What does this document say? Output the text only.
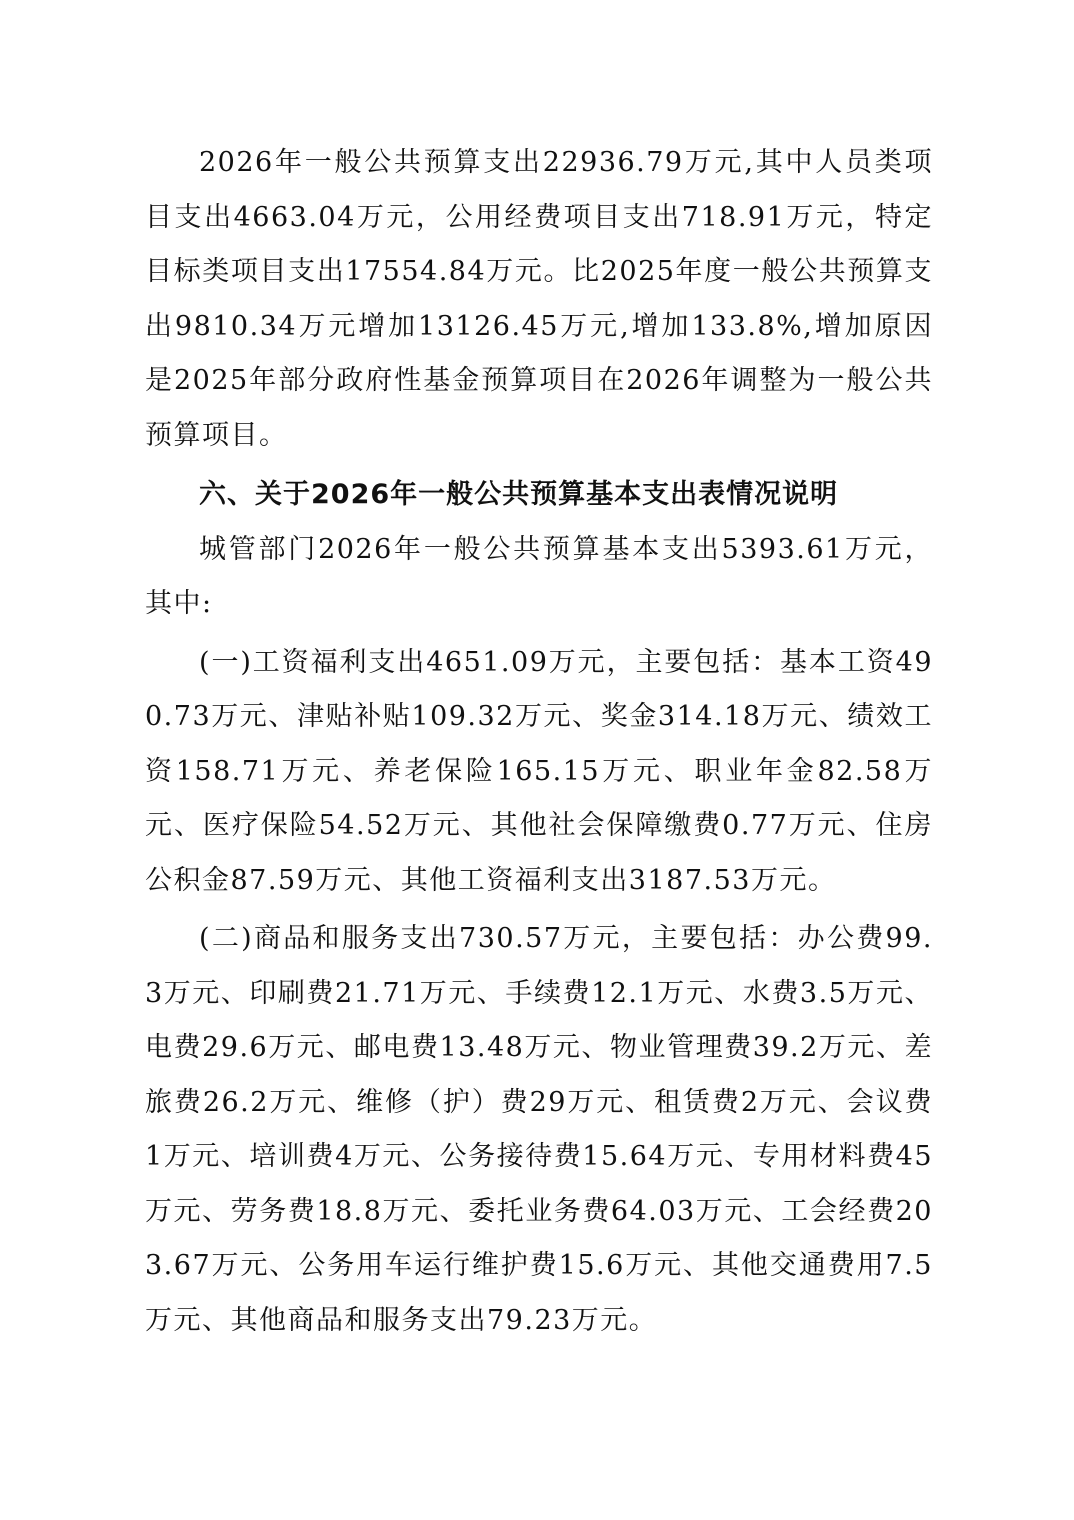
2026年一般公共预算支出22936.79万元,其中人员类项目支出4663.04万元，公用经费项目支出718.91万元，特定目标类项目支出17554.84万元。比2025年度一般公共预算支出9810.34万元增加13126.45万元,增加133.8%,增加原因是2025年部分政府性基金预算项目在2026年调整为一般公共预算项目。

六、关于2026年一般公共预算基本支出表情况说明

城管部门2026年一般公共预算基本支出5393.61万元，其中:

(一)工资福利支出4651.09万元，主要包括：基本工资490.73万元、津贴补贴109.32万元、奖金314.18万元、绩效工资158.71万元、养老保险165.15万元、职业年金82.58万元、医疗保险54.52万元、其他社会保障缴费0.77万元、住房公积金87.59万元、其他工资福利支出3187.53万元。

(二)商品和服务支出730.57万元，主要包括：办公费99.3万元、印刷费21.71万元、手续费12.1万元、水费3.5万元、电费29.6万元、邮电费13.48万元、物业管理费39.2万元、差旅费26.2万元、维修（护）费29万元、租赁费2万元、会议费1万元、培训费4万元、公务接待费15.64万元、专用材料费45万元、劳务费18.8万元、委托业务费64.03万元、工会经费203.67万元、公务用车运行维护费15.6万元、其他交通费用7.5万元、其他商品和服务支出79.23万元。
